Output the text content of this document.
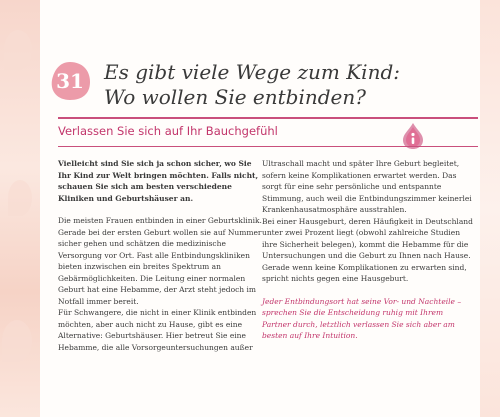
31 Es gibt viele Wege zum Kind:
Wo wollen Sie entbinden?
Verlassen Sie sich auf Ihr Bauchgefühl

Vielleicht sind Sie sich ja schon sicher, wo Sie Ihr Kind zur Welt bringen möchten. Falls nicht, schauen Sie sich am besten verschiedene Kliniken und Geburtshäuser an.

Die meisten Frauen entbinden in einer Geburtsklinik. Gerade bei der ersten Geburt wollen sie auf Nummer sicher gehen und schätzen die medizinische Versorgung vor Ort. Fast alle Entbindungskliniken bieten inzwischen ein breites Spektrum an Gebärmöglichkeiten. Die Leitung einer normalen Geburt hat eine Hebamme, der Arzt steht jedoch im Notfall immer bereit.

Für Schwangere, die nicht in einer Klinik entbinden möchten, aber auch nicht zu Hause, gibt es eine Alternative: Geburtshäuser. Hier betreut Sie eine Hebamme, die alle Vorsorgeuntersuchungen außer

Ultraschall macht und später Ihre Geburt begleitet, sofern keine Komplikationen erwartet werden. Das sorgt für eine sehr persönliche und entspannte Stimmung, auch weil die Entbindungszimmer keinerlei Krankenhausatmosphäre ausstrahlen.

Bei einer Hausgeburt, deren Häufigkeit in Deutschland unter zwei Prozent liegt (obwohl zahlreiche Studien ihre Sicherheit belegen), kommt die Hebamme für die Untersuchungen und die Geburt zu Ihnen nach Hause. Gerade wenn keine Komplikationen zu erwarten sind, spricht nichts gegen eine Hausgeburt.

Jeder Entbindungsort hat seine Vor- und Nachteile – sprechen Sie die Entscheidung ruhig mit Ihrem Partner durch, letztlich verlassen Sie sich aber am besten auf Ihre Intuition.
